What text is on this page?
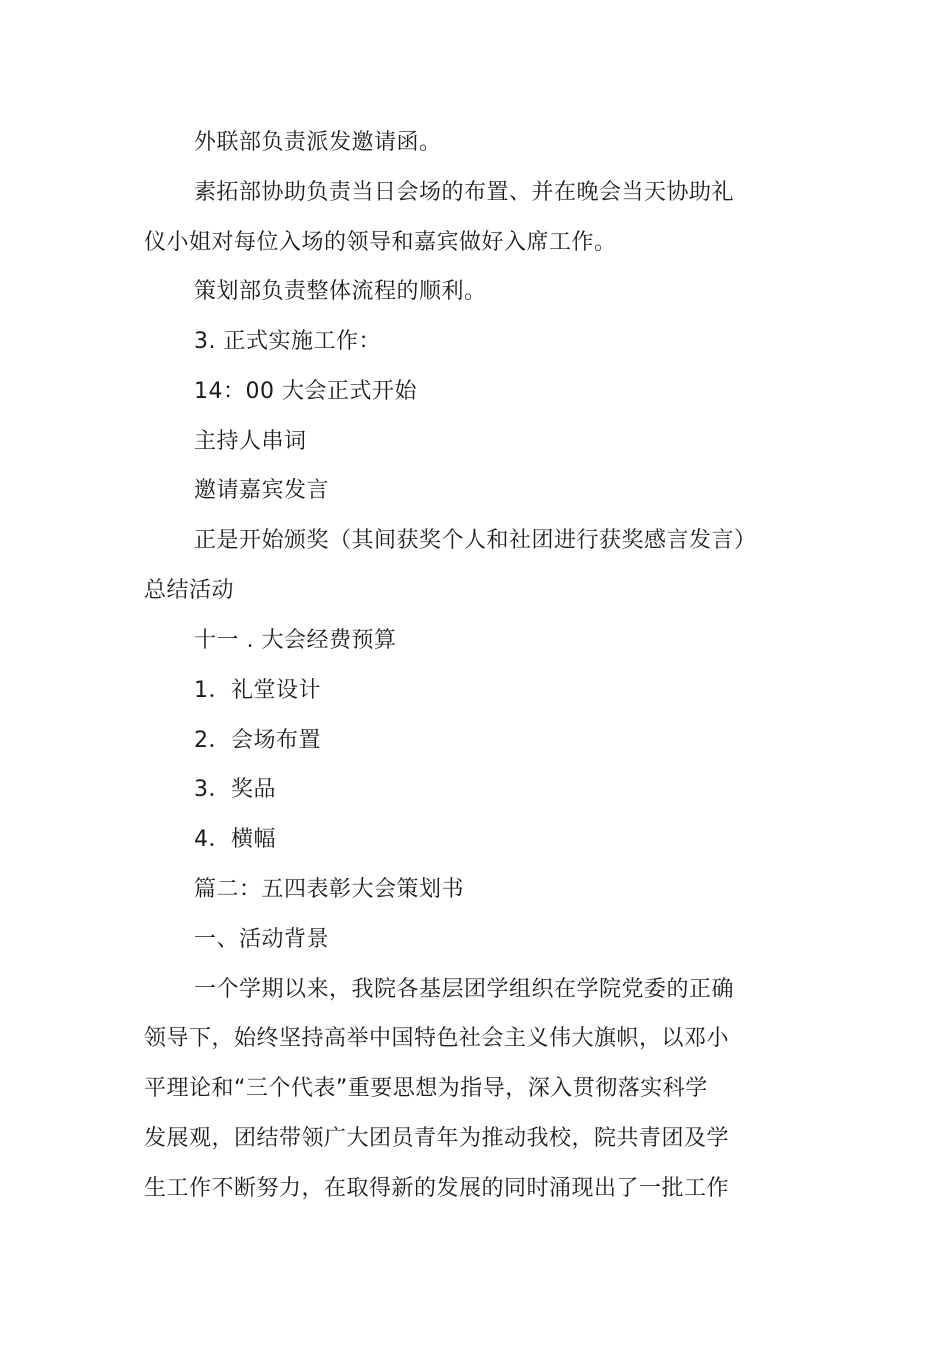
外联部负责派发邀请函。
素拓部协助负责当日会场的布置、并在晚会当天协助礼
仪小姐对每位入场的领导和嘉宾做好入席工作。
策划部负责整体流程的顺利。
3. 正式实施工作：
14：00 大会正式开始
主持人串词
邀请嘉宾发言
正是开始颁奖（其间获奖个人和社团进行获奖感言发言）
总结活动
十一 . 大会经费预算
1．礼堂设计
2．会场布置
3．奖品
4．横幅
篇二：五四表彰大会策划书
一、活动背景
一个学期以来，我院各基层团学组织在学院党委的正确
领导下，始终坚持高举中国特色社会主义伟大旗帜，以邓小
平理论和“三个代表”重要思想为指导，深入贯彻落实科学
发展观，团结带领广大团员青年为推动我校，院共青团及学
生工作不断努力，在取得新的发展的同时涌现出了一批工作
